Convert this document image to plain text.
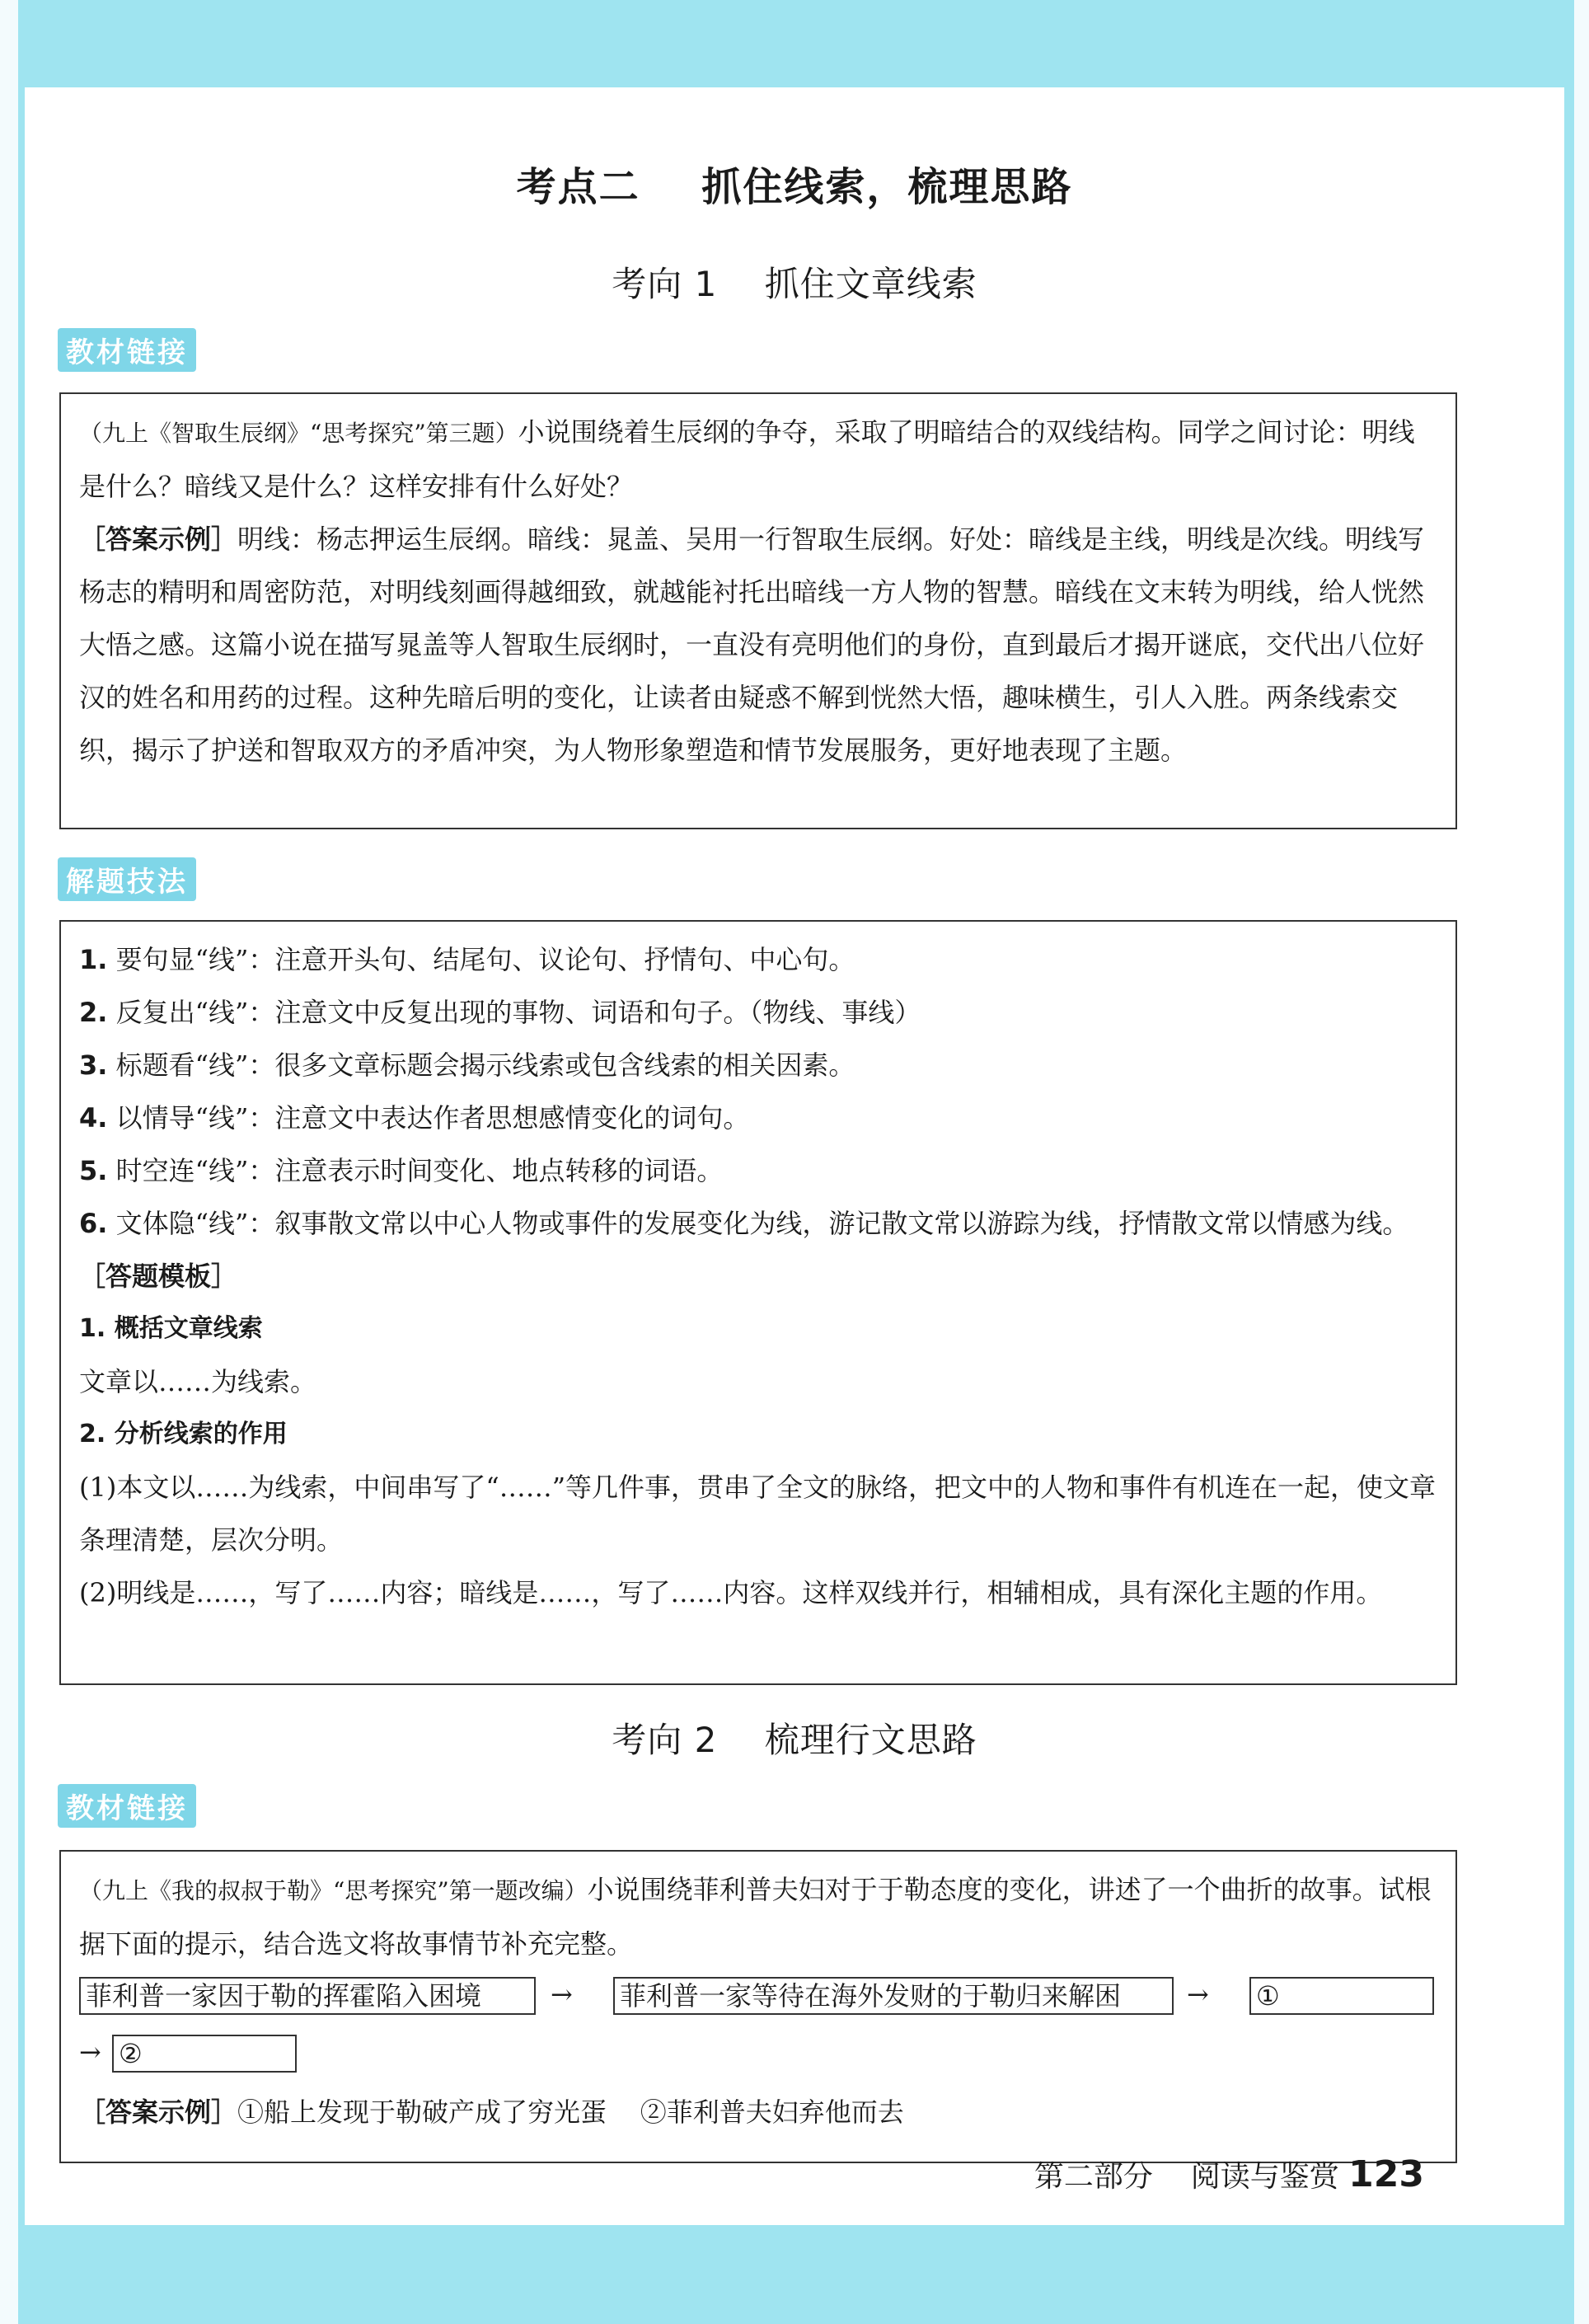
考点二    抓住线索，梳理思路
考向 1    抓住文章线索
教材链接

（九上《智取生辰纲》“思考探究”第三题）小说围绕着生辰纲的争夺，采取了明暗结合的双线结构。同学之间讨论：明线是什么？暗线又是什么？这样安排有什么好处？

［答案示例］明线：杨志押运生辰纲。暗线：晁盖、吴用一行智取生辰纲。好处：暗线是主线，明线是次线。明线写杨志的精明和周密防范，对明线刻画得越细致，就越能衬托出暗线一方人物的智慧。暗线在文末转为明线，给人恍然大悟之感。这篇小说在描写晁盖等人智取生辰纲时，一直没有亮明他们的身份，直到最后才揭开谜底，交代出八位好汉的姓名和用药的过程。这种先暗后明的变化，让读者由疑惑不解到恍然大悟，趣味横生，引人入胜。两条线索交织，揭示了护送和智取双方的矛盾冲突，为人物形象塑造和情节发展服务，更好地表现了主题。

解题技法

1. 要句显“线”：注意开头句、结尾句、议论句、抒情句、中心句。

2. 反复出“线”：注意文中反复出现的事物、词语和句子。（物线、事线）

3. 标题看“线”：很多文章标题会揭示线索或包含线索的相关因素。

4. 以情导“线”：注意文中表达作者思想感情变化的词句。

5. 时空连“线”：注意表示时间变化、地点转移的词语。

6. 文体隐“线”：叙事散文常以中心人物或事件的发展变化为线，游记散文常以游踪为线，抒情散文常以情感为线。

［答题模板］

1. 概括文章线索

文章以……为线索。

2. 分析线索的作用

(1)本文以……为线索，中间串写了“……”等几件事，贯串了全文的脉络，把文中的人物和事件有机连在一起，使文章条理清楚，层次分明。

(2)明线是……，写了……内容；暗线是……，写了……内容。这样双线并行，相辅相成，具有深化主题的作用。

考向 2    梳理行文思路
教材链接

（九上《我的叔叔于勒》“思考探究”第一题改编）小说围绕菲利普夫妇对于于勒态度的变化，讲述了一个曲折的故事。试根据下面的提示，结合选文将故事情节补充完整。

菲利普一家因于勒的挥霍陷入困境	→ 菲利普一家等待在海外发财的于勒归来解困	→ ①
→ ②

［答案示例］①船上发现于勒破产成了穷光蛋    ②菲利普夫妇弃他而去

第二部分    阅读与鉴赏 123
